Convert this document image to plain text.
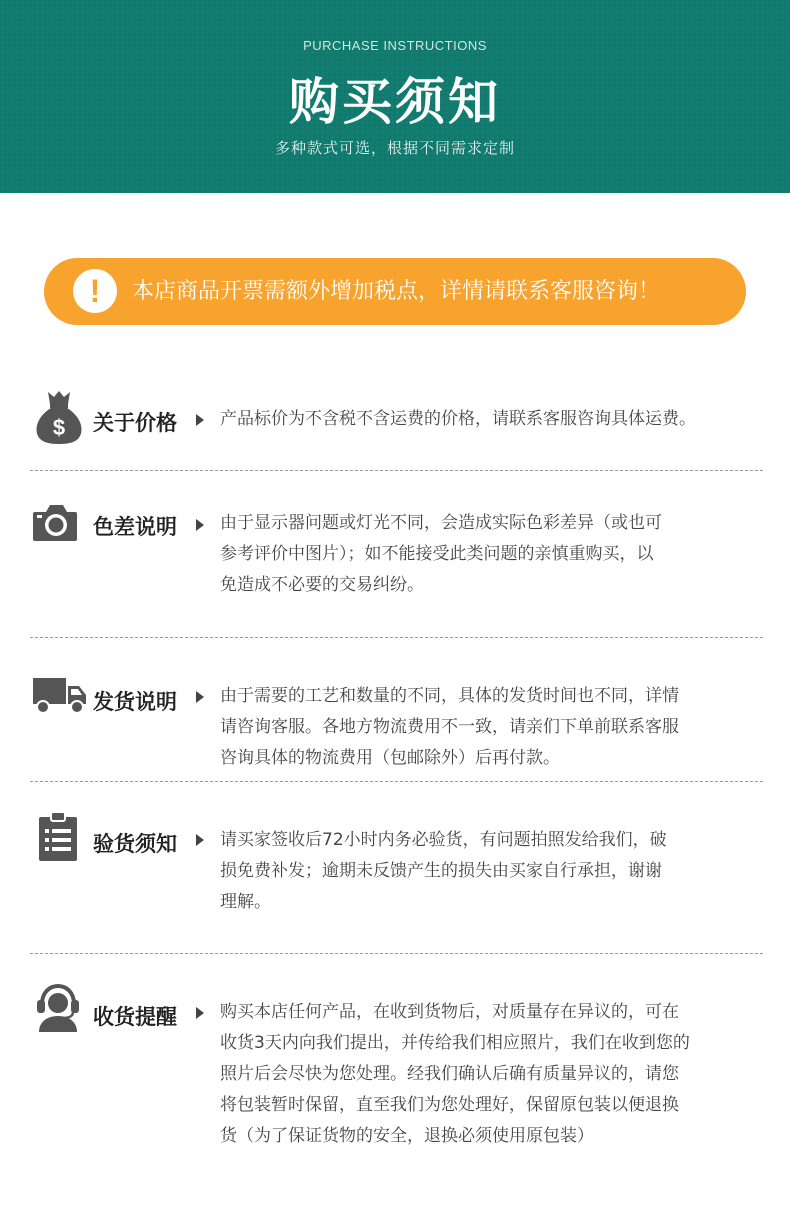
PURCHASE INSTRUCTIONS
购买须知
多种款式可选，根据不同需求定制
!	本店商品开票需额外增加税点，详情请联系客服咨询！
$ 关于价格	产品标价为不含税不含运费的价格，请联系客服咨询具体运费。
色差说明	由于显示器问题或灯光不同，会造成实际色彩差异（或也可
参考评价中图片）；如不能接受此类问题的亲慎重购买，以
免造成不必要的交易纠纷。
发货说明	由于需要的工艺和数量的不同，具体的发货时间也不同，详情
请咨询客服。各地方物流费用不一致，请亲们下单前联系客服
咨询具体的物流费用（包邮除外）后再付款。
验货须知	请买家签收后72小时内务必验货，有问题拍照发给我们，破
损免费补发；逾期未反馈产生的损失由买家自行承担，谢谢
理解。
收货提醒	购买本店任何产品，在收到货物后，对质量存在异议的，可在
收货3天内向我们提出，并传给我们相应照片，我们在收到您的
照片后会尽快为您处理。经我们确认后确有质量异议的，请您
将包装暂时保留，直至我们为您处理好，保留原包装以便退换
货（为了保证货物的安全，退换必须使用原包装）
